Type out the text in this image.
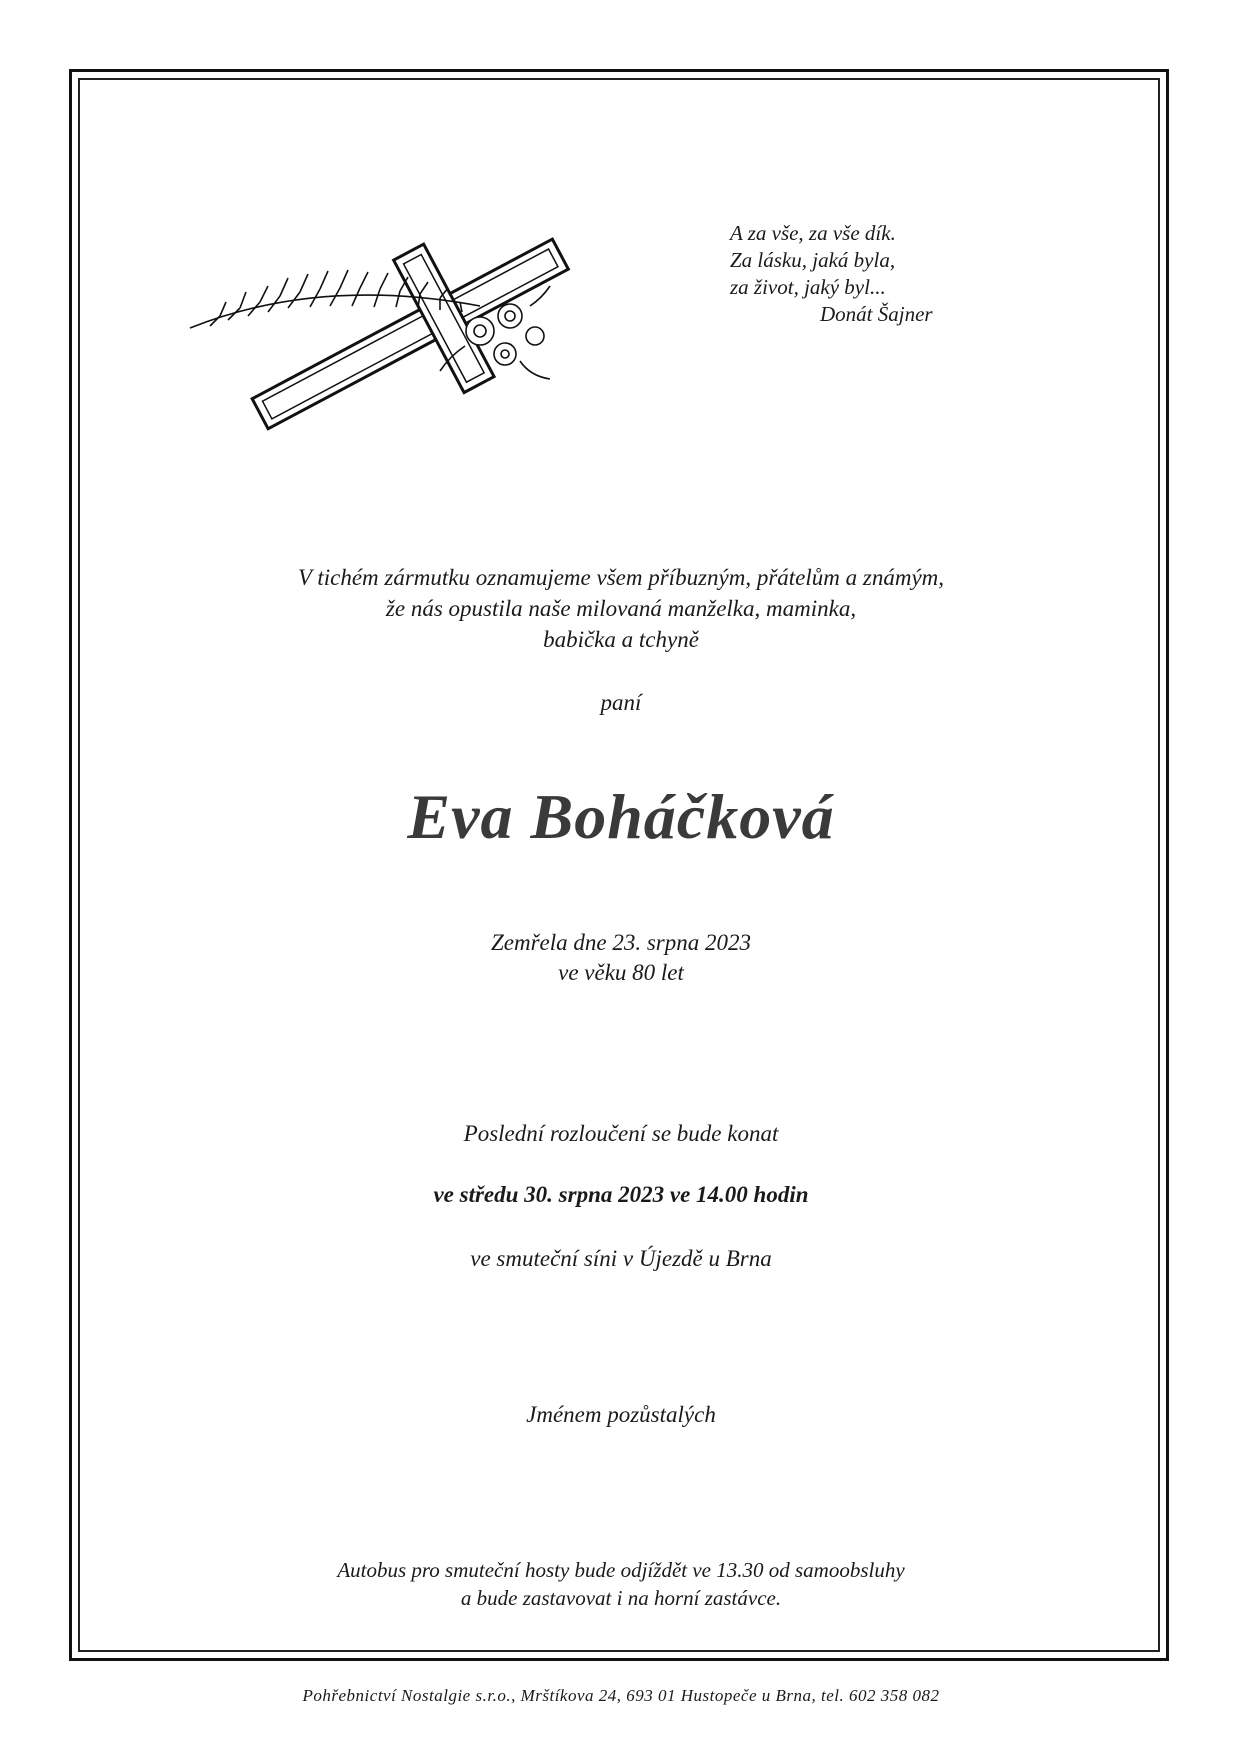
A za vše, za vše dík.
Za lásku, jaká byla,
za život, jaký byl...
Donát Šajner
V tichém zármutku oznamujeme všem příbuzným, přátelům a známým,
že nás opustila naše milovaná manželka, maminka,
babička a tchyně
paní
Eva Boháčková
Zemřela dne 23. srpna 2023
ve věku 80 let
Poslední rozloučení se bude konat
ve středu 30. srpna 2023 ve 14.00 hodin
ve smuteční síni v Újezdě u Brna
Jménem pozůstalých
Autobus pro smuteční hosty bude odjíždět ve 13.30 od samoobsluhy
a bude zastavovat i na horní zastávce.
Pohřebnictví Nostalgie s.r.o., Mrštíkova 24, 693 01 Hustopeče u Brna, tel. 602 358 082
